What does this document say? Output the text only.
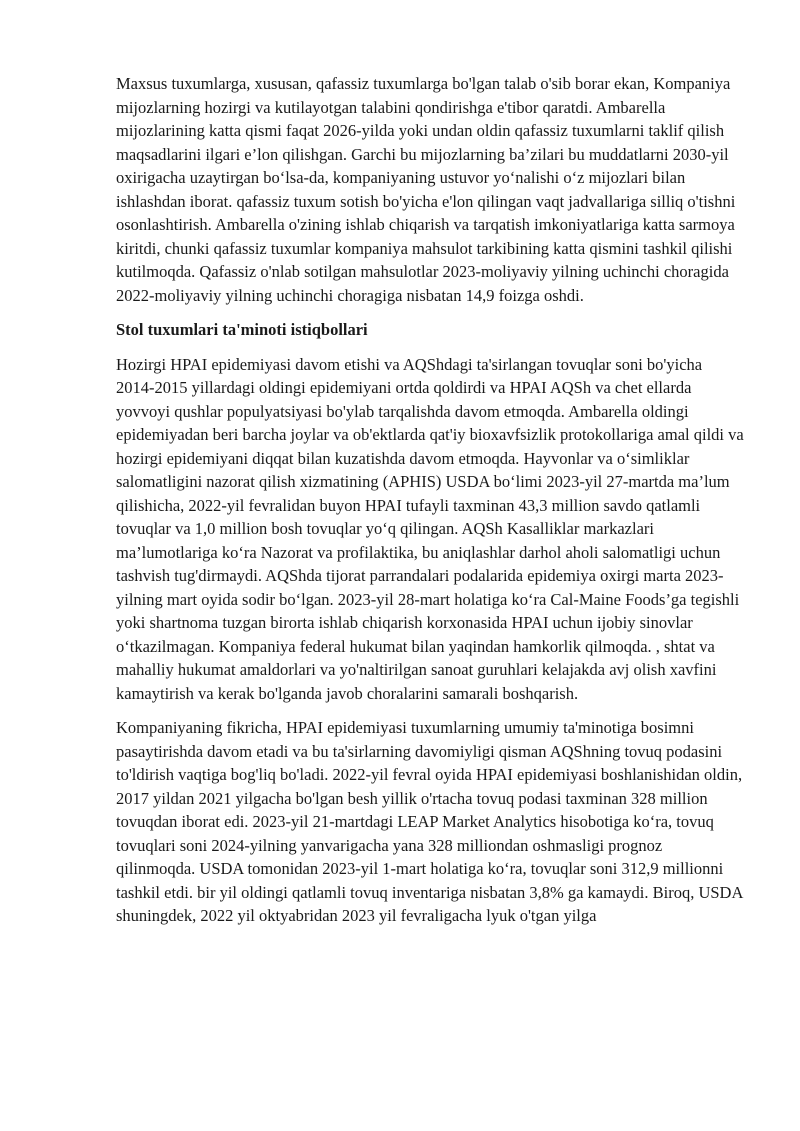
Maxsus tuxumlarga, xususan, qafassiz tuxumlarga bo'lgan talab o'sib borar ekan, Kompaniya mijozlarning hozirgi va kutilayotgan talabini qondirishga e'tibor qaratdi. Ambarella mijozlarining katta qismi faqat 2026-yilda yoki undan oldin qafassiz tuxumlarni taklif qilish maqsadlarini ilgari e’lon qilishgan. Garchi bu mijozlarning ba’zilari bu muddatlarni 2030-yil oxirigacha uzaytirgan bo‘lsa-da, kompaniyaning ustuvor yo‘nalishi o‘z mijozlari bilan ishlashdan iborat. qafassiz tuxum sotish bo'yicha e'lon qilingan vaqt jadvallariga silliq o'tishni osonlashtirish. Ambarella o'zining ishlab chiqarish va tarqatish imkoniyatlariga katta sarmoya kiritdi, chunki qafassiz tuxumlar kompaniya mahsulot tarkibining katta qismini tashkil qilishi kutilmoqda. Qafassiz o'nlab sotilgan mahsulotlar 2023-moliyaviy yilning uchinchi choragida 2022-moliyaviy yilning uchinchi choragiga nisbatan 14,9 foizga oshdi.

Stol tuxumlari ta'minoti istiqbollari

Hozirgi HPAI epidemiyasi davom etishi va AQShdagi ta'sirlangan tovuqlar soni bo'yicha 2014-2015 yillardagi oldingi epidemiyani ortda qoldirdi va HPAI AQSh va chet ellarda yovvoyi qushlar populyatsiyasi bo'ylab tarqalishda davom etmoqda. Ambarella oldingi epidemiyadan beri barcha joylar va ob'ektlarda qat'iy bioxavfsizlik protokollariga amal qildi va hozirgi epidemiyani diqqat bilan kuzatishda davom etmoqda. Hayvonlar va o‘simliklar salomatligini nazorat qilish xizmatining (APHIS) USDA bo‘limi 2023-yil 27-martda ma’lum qilishicha, 2022-yil fevralidan buyon HPAI tufayli taxminan 43,3 million savdo qatlamli tovuqlar va 1,0 million bosh tovuqlar yo‘q qilingan. AQSh Kasalliklar markazlari ma’lumotlariga ko‘ra Nazorat va profilaktika, bu aniqlashlar darhol aholi salomatligi uchun tashvish tug'dirmaydi. AQShda tijorat parrandalari podalarida epidemiya oxirgi marta 2023-yilning mart oyida sodir bo‘lgan. 2023-yil 28-mart holatiga ko‘ra Cal-Maine Foods’ga tegishli yoki shartnoma tuzgan birorta ishlab chiqarish korxonasida HPAI uchun ijobiy sinovlar o‘tkazilmagan. Kompaniya federal hukumat bilan yaqindan hamkorlik qilmoqda. , shtat va mahalliy hukumat amaldorlari va yo'naltirilgan sanoat guruhlari kelajakda avj olish xavfini kamaytirish va kerak bo'lganda javob choralarini samarali boshqarish.

Kompaniyaning fikricha, HPAI epidemiyasi tuxumlarning umumiy ta'minotiga bosimni pasaytirishda davom etadi va bu ta'sirlarning davomiyligi qisman AQShning tovuq podasini to'ldirish vaqtiga bog'liq bo'ladi. 2022-yil fevral oyida HPAI epidemiyasi boshlanishidan oldin, 2017 yildan 2021 yilgacha bo'lgan besh yillik o'rtacha tovuq podasi taxminan 328 million tovuqdan iborat edi. 2023-yil 21-martdagi LEAP Market Analytics hisobotiga ko‘ra, tovuq tovuqlari soni 2024-yilning yanvarigacha yana 328 milliondan oshmasligi prognoz qilinmoqda. USDA tomonidan 2023-yil 1-mart holatiga ko‘ra, tovuqlar soni 312,9 millionni tashkil etdi. bir yil oldingi qatlamli tovuq inventariga nisbatan 3,8% ga kamaydi. Biroq, USDA shuningdek, 2022 yil oktyabridan 2023 yil fevraligacha lyuk o'tgan yilga
